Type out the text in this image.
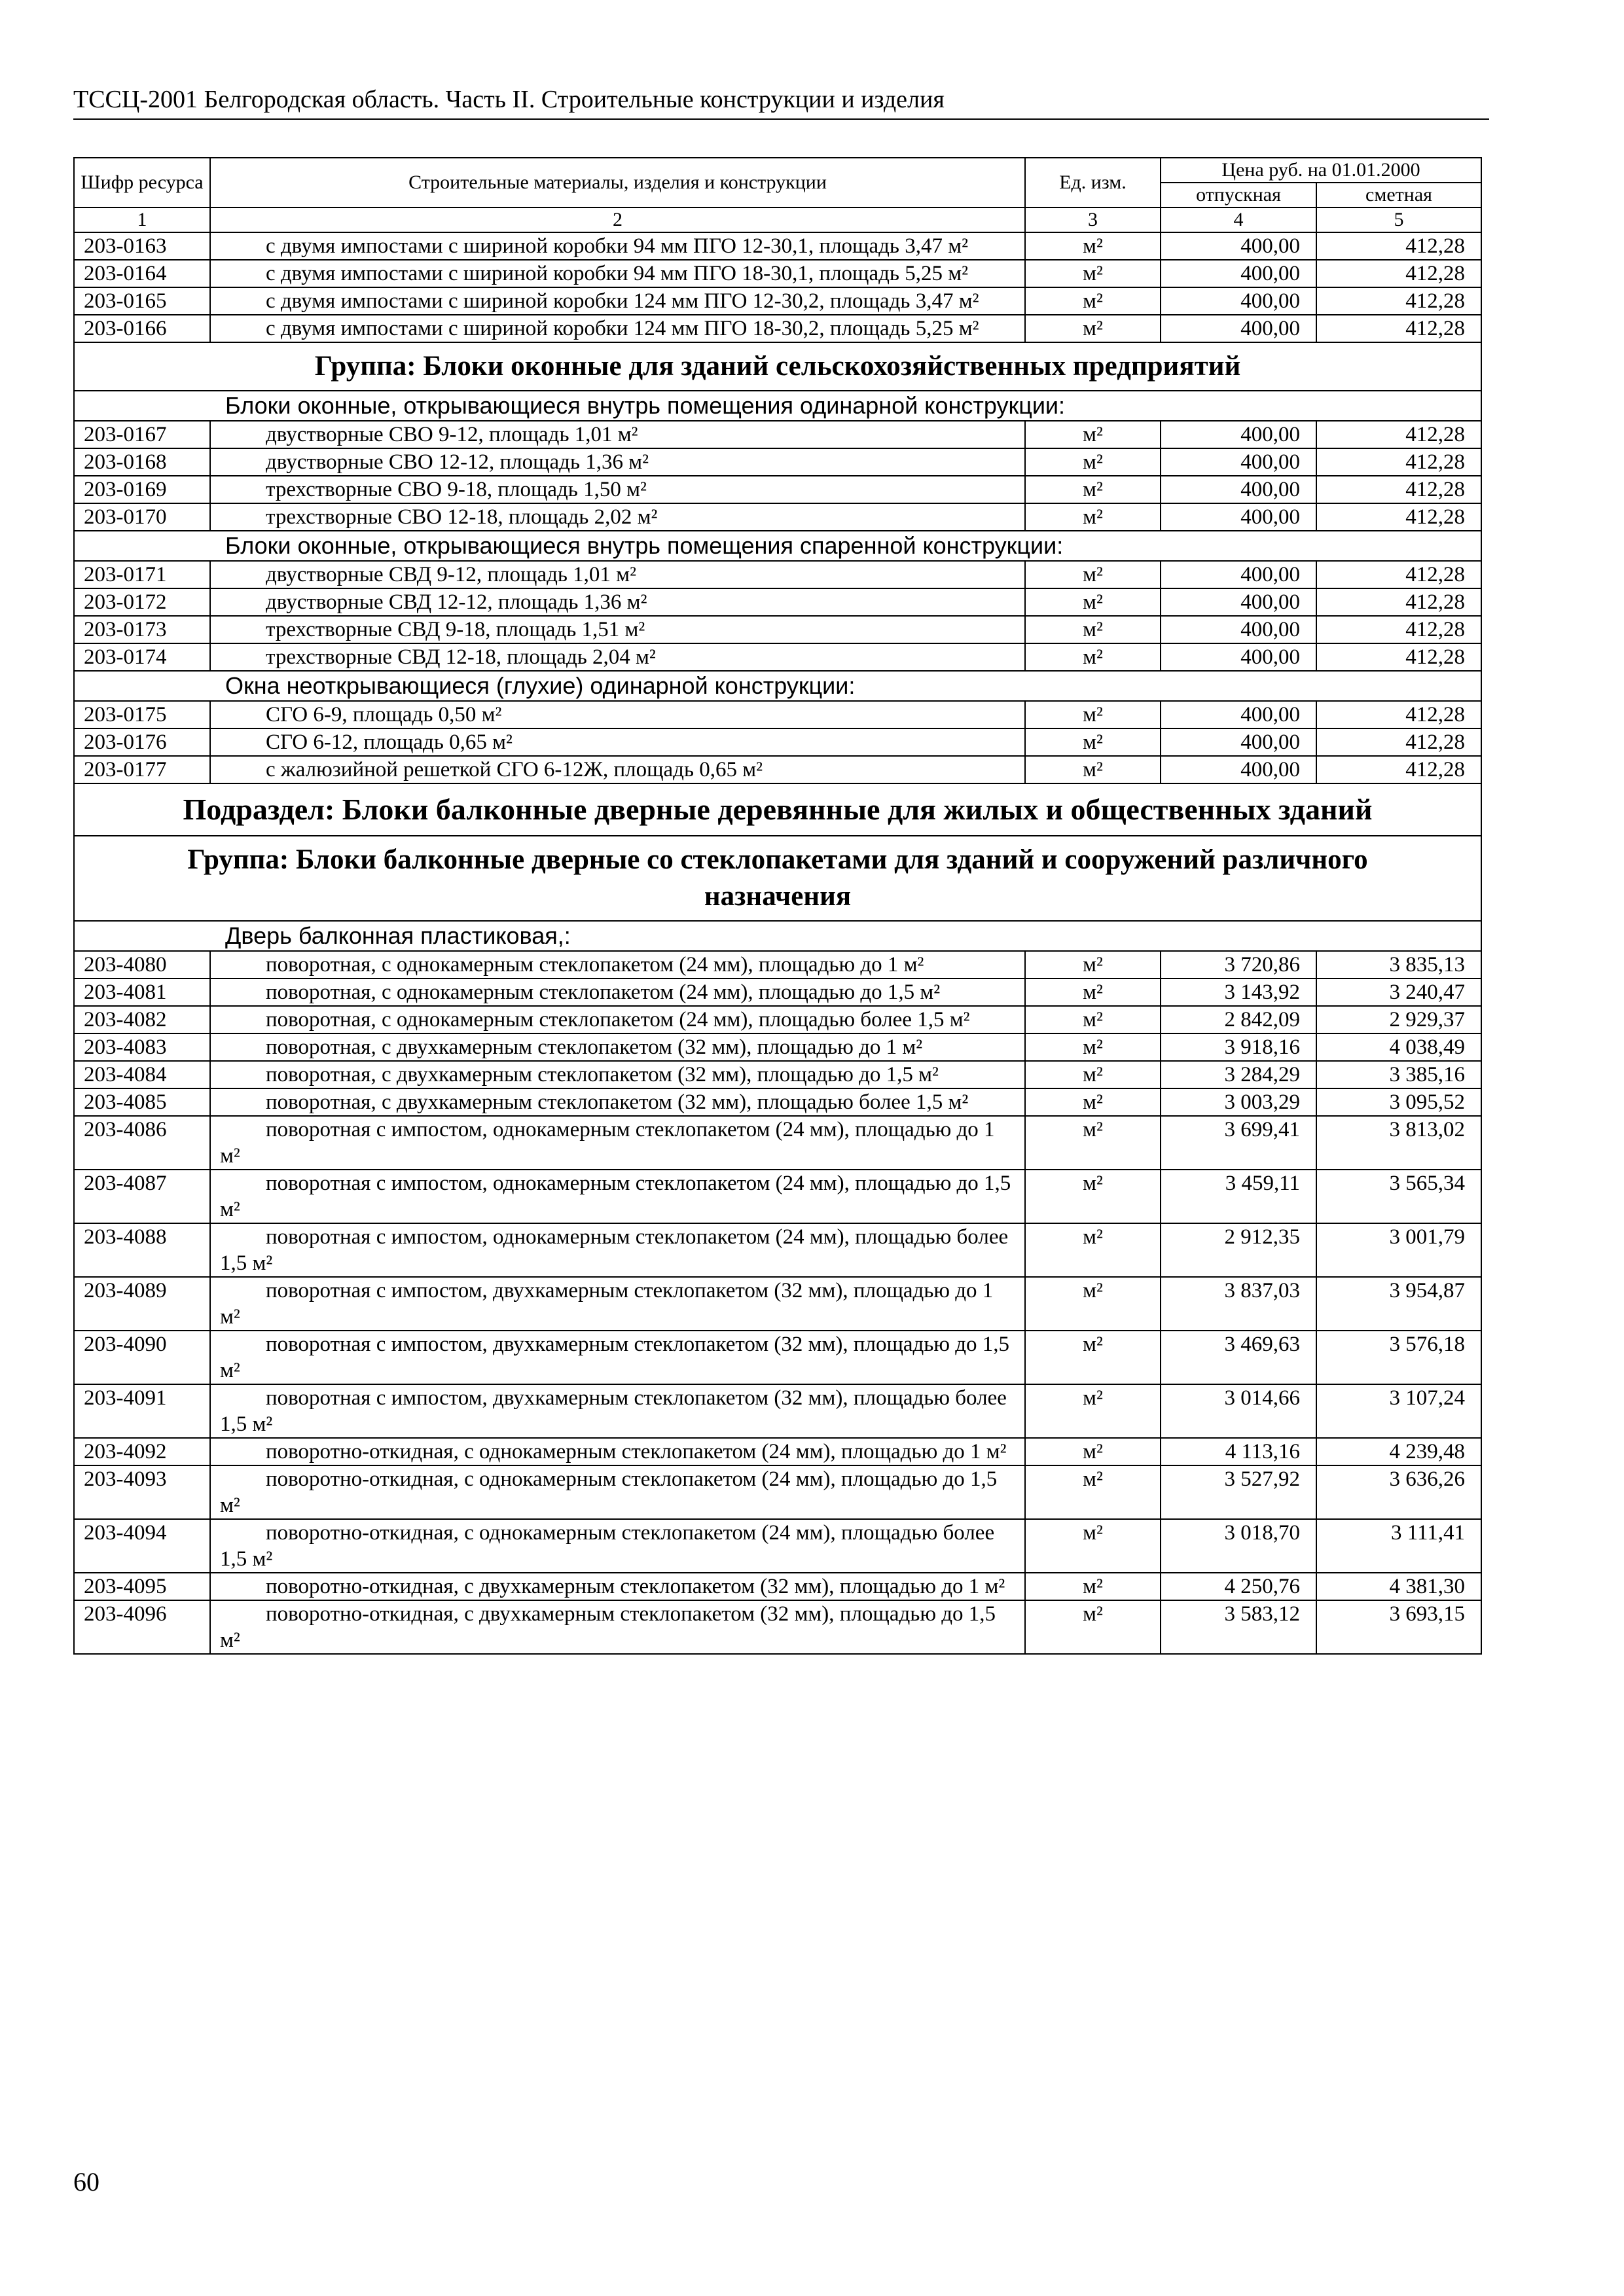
ТССЦ-2001 Белгородская область. Часть II. Строительные конструкции и изделия
Шифр ресурса	Строительные материалы, изделия и конструкции	Ед. изм.	Цена руб. на 01.01.2000	
			отпускная	сметная
1	2	3	4	5
203-0163	с двумя импостами с шириной коробки 94 мм ПГО 12-30,1, площадь 3,47 м²	м²	400,00	412,28
203-0164	с двумя импостами с шириной коробки 94 мм ПГО 18-30,1, площадь 5,25 м²	м²	400,00	412,28
203-0165	с двумя импостами с шириной коробки 124 мм ПГО 12-30,2, площадь 3,47 м²	м²	400,00	412,28
203-0166	с двумя импостами с шириной коробки 124 мм ПГО 18-30,2, площадь 5,25 м²	м²	400,00	412,28
Группа: Блоки оконные для зданий сельскохозяйственных предприятий				
Блоки оконные, открывающиеся внутрь помещения одинарной конструкции:				
203-0167	двустворные СВО 9-12, площадь 1,01 м²	м²	400,00	412,28
203-0168	двустворные СВО 12-12, площадь 1,36 м²	м²	400,00	412,28
203-0169	трехстворные СВО 9-18, площадь 1,50 м²	м²	400,00	412,28
203-0170	трехстворные СВО 12-18, площадь 2,02 м²	м²	400,00	412,28
Блоки оконные, открывающиеся внутрь помещения спаренной конструкции:				
203-0171	двустворные СВД 9-12, площадь 1,01 м²	м²	400,00	412,28
203-0172	двустворные СВД 12-12, площадь 1,36 м²	м²	400,00	412,28
203-0173	трехстворные СВД 9-18, площадь 1,51 м²	м²	400,00	412,28
203-0174	трехстворные СВД 12-18, площадь 2,04 м²	м²	400,00	412,28
Окна неоткрывающиеся (глухие) одинарной конструкции:				
203-0175	СГО 6-9, площадь 0,50 м²	м²	400,00	412,28
203-0176	СГО 6-12, площадь 0,65 м²	м²	400,00	412,28
203-0177	с жалюзийной решеткой СГО 6-12Ж, площадь 0,65 м²	м²	400,00	412,28
Подраздел: Блоки балконные дверные деревянные для жилых и общественных зданий				
Группа: Блоки балконные дверные со стеклопакетами для зданий и сооружений различного назначения				
Дверь балконная пластиковая,:				
203-4080	поворотная, с однокамерным стеклопакетом (24 мм), площадью до 1 м²	м²	3 720,86	3 835,13
203-4081	поворотная, с однокамерным стеклопакетом (24 мм), площадью до 1,5 м²	м²	3 143,92	3 240,47
203-4082	поворотная, с однокамерным стеклопакетом (24 мм), площадью более 1,5 м²	м²	2 842,09	2 929,37
203-4083	поворотная, с двухкамерным стеклопакетом (32 мм), площадью до 1 м²	м²	3 918,16	4 038,49
203-4084	поворотная, с двухкамерным стеклопакетом (32 мм), площадью до 1,5 м²	м²	3 284,29	3 385,16
203-4085	поворотная, с двухкамерным стеклопакетом (32 мм), площадью более 1,5 м²	м²	3 003,29	3 095,52
203-4086	поворотная с импостом, однокамерным стеклопакетом (24 мм), площадью до 1 м²	м²	3 699,41	3 813,02
203-4087	поворотная с импостом, однокамерным стеклопакетом (24 мм), площадью до 1,5 м²	м²	3 459,11	3 565,34
203-4088	поворотная с импостом, однокамерным стеклопакетом (24 мм), площадью более 1,5 м²	м²	2 912,35	3 001,79
203-4089	поворотная с импостом, двухкамерным стеклопакетом (32 мм), площадью до 1 м²	м²	3 837,03	3 954,87
203-4090	поворотная с импостом, двухкамерным стеклопакетом (32 мм), площадью до 1,5 м²	м²	3 469,63	3 576,18
203-4091	поворотная с импостом, двухкамерным стеклопакетом (32 мм), площадью более 1,5 м²	м²	3 014,66	3 107,24
203-4092	поворотно-откидная, с однокамерным стеклопакетом (24 мм), площадью до 1 м²	м²	4 113,16	4 239,48
203-4093	поворотно-откидная, с однокамерным стеклопакетом (24 мм), площадью до 1,5 м²	м²	3 527,92	3 636,26
203-4094	поворотно-откидная, с однокамерным стеклопакетом (24 мм), площадью более 1,5 м²	м²	3 018,70	3 111,41
203-4095	поворотно-откидная, с двухкамерным стеклопакетом (32 мм), площадью до 1 м²	м²	4 250,76	4 381,30
203-4096	поворотно-откидная, с двухкамерным стеклопакетом (32 мм), площадью до 1,5 м²	м²	3 583,12	3 693,15
60
